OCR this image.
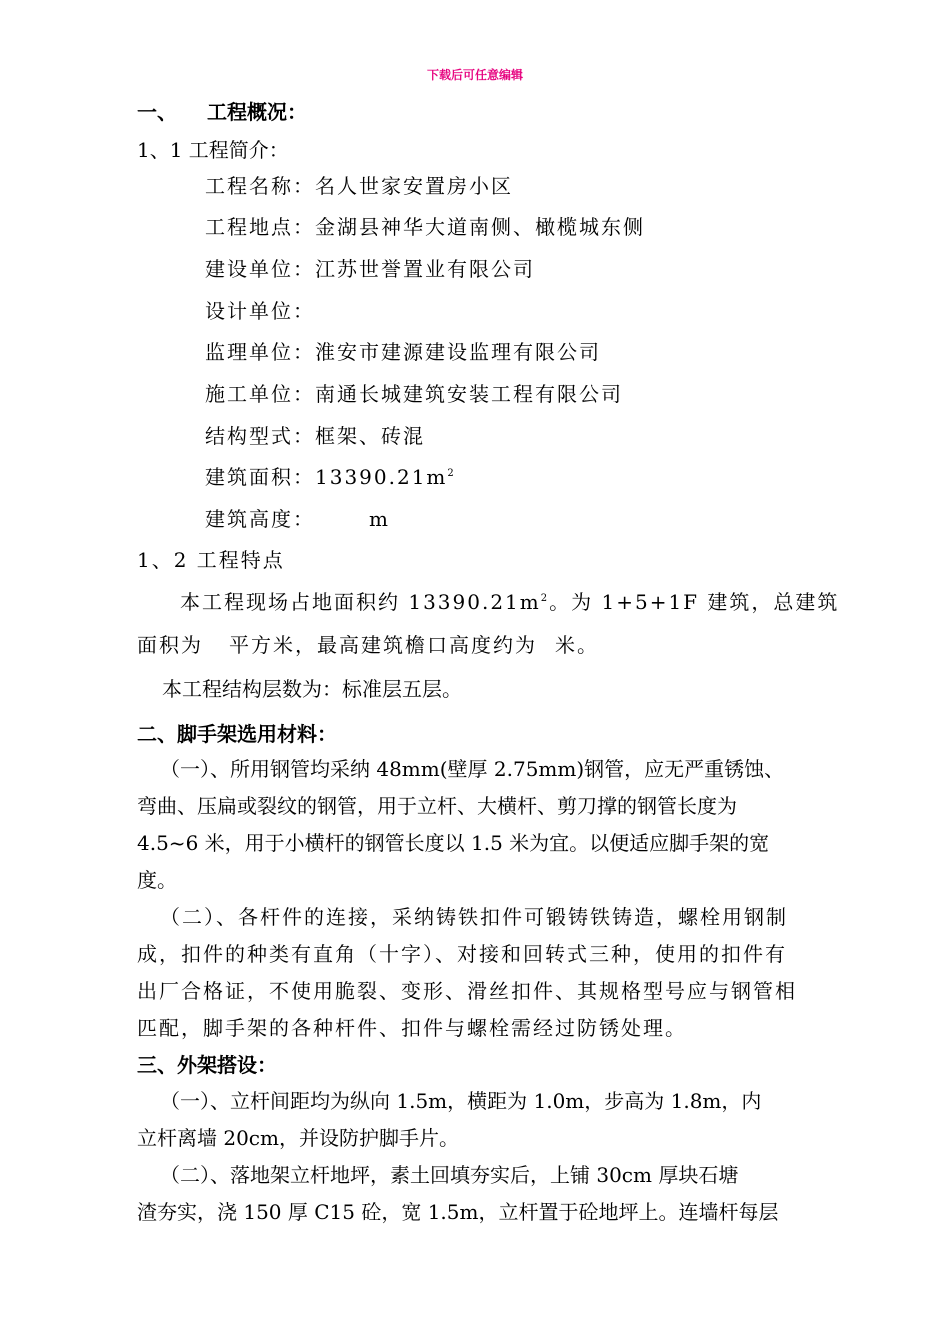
下载后可任意编辑
一、 工程概况：
1、1 工程简介：
工程名称：名人世家安置房小区
工程地点：金湖县神华大道南侧、橄榄城东侧
建设单位：江苏世誉置业有限公司
设计单位：
监理单位：淮安市建源建设监理有限公司
施工单位：南通长城建筑安装工程有限公司
结构型式：框架、砖混
建筑面积：$13390.21m^2$
建筑高度：	m
1、2 工程特点
本工程现场占地面积约 $13390.21m^2$。为 1+5+1F 建筑，总建筑
面积为 平方米，最高建筑檐口高度约为 米。
本工程结构层数为：标准层五层。
二、脚手架选用材料：
（一）、所用钢管均采纳 48mm(壁厚 2.75mm)钢管，应无严重锈蚀、
弯曲、压扁或裂纹的钢管，用于立杆、大横杆、剪刀撑的钢管长度为
4.5~6 米，用于小横杆的钢管长度以 1.5 米为宜。以便适应脚手架的宽
度。
（二）、各杆件的连接，采纳铸铁扣件可锻铸铁铸造，螺栓用钢制
成，扣件的种类有直角（十字）、对接和回转式三种，使用的扣件有
出厂合格证，不使用脆裂、变形、滑丝扣件、其规格型号应与钢管相
匹配，脚手架的各种杆件、扣件与螺栓需经过防锈处理。
三、外架搭设：
（一）、立杆间距均为纵向 1.5m，横距为 1.0m，步高为 1.8m，内
立杆离墙 20cm，并设防护脚手片。
（二）、落地架立杆地坪，素土回填夯实后，上铺 30cm 厚块石塘
渣夯实，浇 150 厚 C15 砼，宽 1.5m，立杆置于砼地坪上。连墙杆每层
